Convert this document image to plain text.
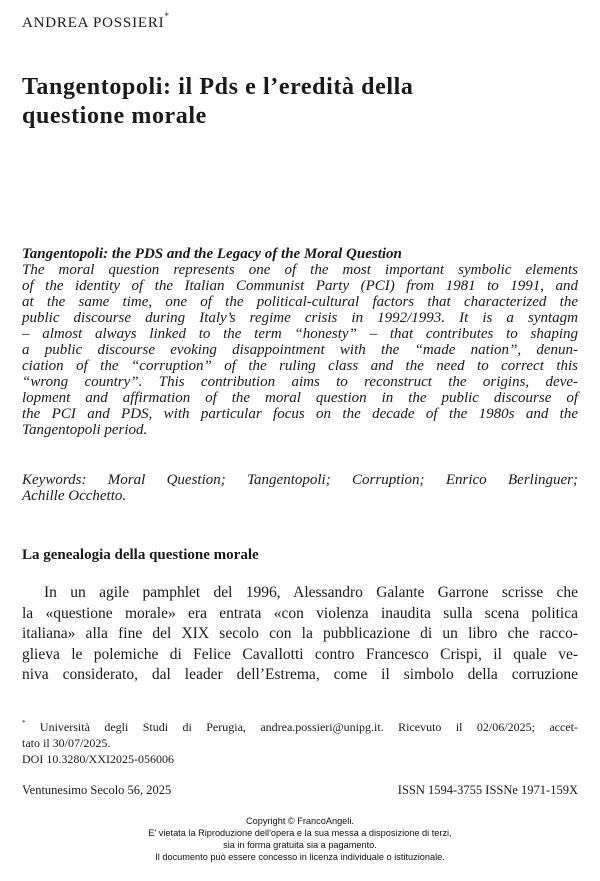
ANDREA POSSIERI*
Tangentopoli: il Pds e l’eredità della
questione morale
Tangentopoli: the PDS and the Legacy of the Moral Question
The moral question represents one of the most important symbolic elements
of the identity of the Italian Communist Party (PCI) from 1981 to 1991, and
at the same time, one of the political-cultural factors that characterized the
public discourse during Italy’s regime crisis in 1992/1993. It is a syntagm
– almost always linked to the term “honesty” – that contributes to shaping
a public discourse evoking disappointment with the “made nation”, denun-
ciation of the “corruption” of the ruling class and the need to correct this
“wrong country”. This contribution aims to reconstruct the origins, deve-
lopment and affirmation of the moral question in the public discourse of
the PCI and PDS, with particular focus on the decade of the 1980s and the
Tangentopoli period.
Keywords: Moral Question; Tangentopoli; Corruption; Enrico Berlinguer;
Achille Occhetto.
La genealogia della questione morale
In un agile pamphlet del 1996, Alessandro Galante Garrone scrisse che
la «questione morale» era entrata «con violenza inaudita sulla scena politica
italiana» alla fine del XIX secolo con la pubblicazione di un libro che racco-
glieva le polemiche di Felice Cavallotti contro Francesco Crispi, il quale ve-
niva considerato, dal leader dell’Estrema, come il simbolo della corruzione
* Università degli Studi di Perugia, andrea.possieri@unipg.it. Ricevuto il 02/06/2025; accet-
tato il 30/07/2025.
DOI 10.3280/XXI2025-056006
Ventunesimo Secolo 56, 2025	ISSN 1594-3755 ISSNe 1971-159X
Copyright © FrancoAngeli.
E' vietata la Riproduzione dell'opera e la sua messa a disposizione di terzi,
sia in forma gratuita sia a pagamento.
Il documento può essere concesso in licenza individuale o istituzionale.
